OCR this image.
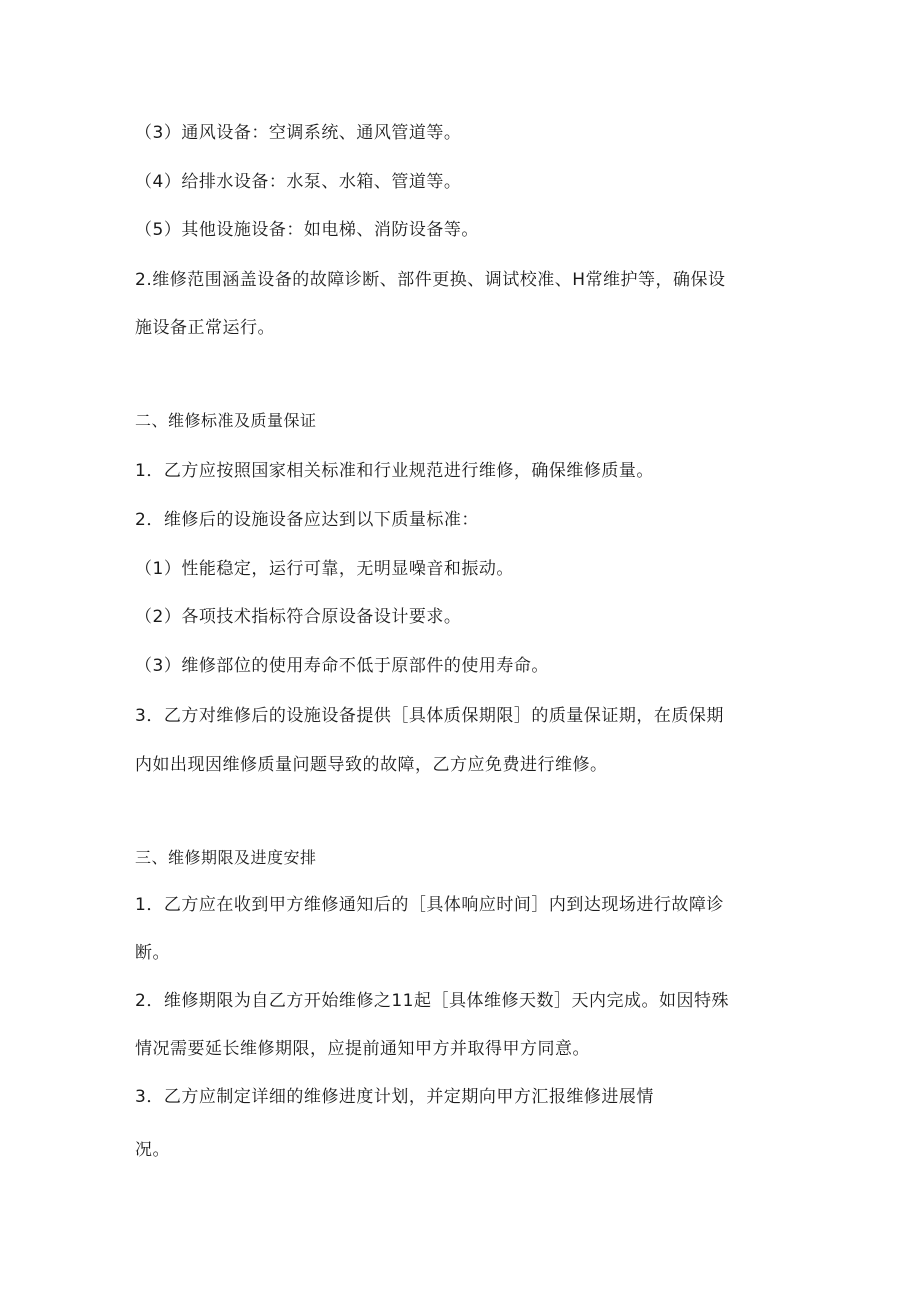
（3）通风设备：空调系统、通风管道等。
（4）给排水设备：水泵、水箱、管道等。
（5）其他设施设备：如电梯、消防设备等。
2.维修范围涵盖设备的故障诊断、部件更换、调试校准、H常维护等，确保设
施设备正常运行。
二、维修标准及质量保证
1．乙方应按照国家相关标准和行业规范进行维修，确保维修质量。
2．维修后的设施设备应达到以下质量标准：
（1）性能稳定，运行可靠，无明显噪音和振动。
（2）各项技术指标符合原设备设计要求。
（3）维修部位的使用寿命不低于原部件的使用寿命。
3．乙方对维修后的设施设备提供［具体质保期限］的质量保证期，在质保期
内如出现因维修质量问题导致的故障，乙方应免费进行维修。
三、维修期限及进度安排
1．乙方应在收到甲方维修通知后的［具体响应时间］内到达现场进行故障诊
断。
2．维修期限为自乙方开始维修之11起［具体维修天数］天内完成。如因特殊
情况需要延长维修期限，应提前通知甲方并取得甲方同意。
3．乙方应制定详细的维修进度计划，并定期向甲方汇报维修进展情
况。
